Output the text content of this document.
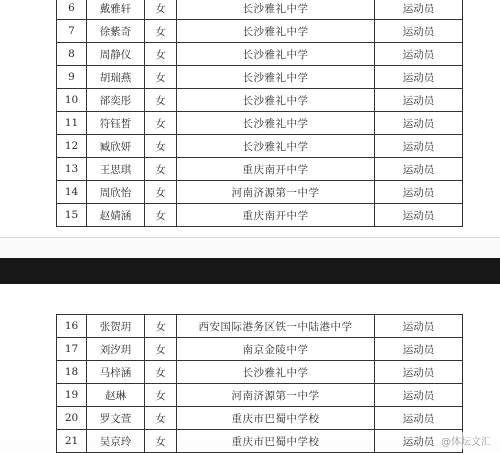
6	戴雅轩	女	长沙雅礼中学	运动员
7	徐紫奇	女	长沙雅礼中学	运动员
8	周静仪	女	长沙雅礼中学	运动员
9	胡瑞燕	女	长沙雅礼中学	运动员
10	郤奕彤	女	长沙雅礼中学	运动员
11	符钰皙	女	长沙雅礼中学	运动员
12	臧欣妍	女	长沙雅礼中学	运动员
13	王思琪	女	重庆南开中学	运动员
14	周欣怡	女	河南济源第一中学	运动员
15	赵婧涵	女	重庆南开中学	运动员
16	张贺玥	女	西安国际港务区铁一中陆港中学	运动员
17	刘汐玥	女	南京金陵中学	运动员
18	马梓涵	女	长沙雅礼中学	运动员
19	赵琳	女	河南济源第一中学	运动员
20	罗文萱	女	重庆市巴蜀中学校	运动员
21	吴京玲	女	重庆市巴蜀中学校	运动员 @体坛文汇
